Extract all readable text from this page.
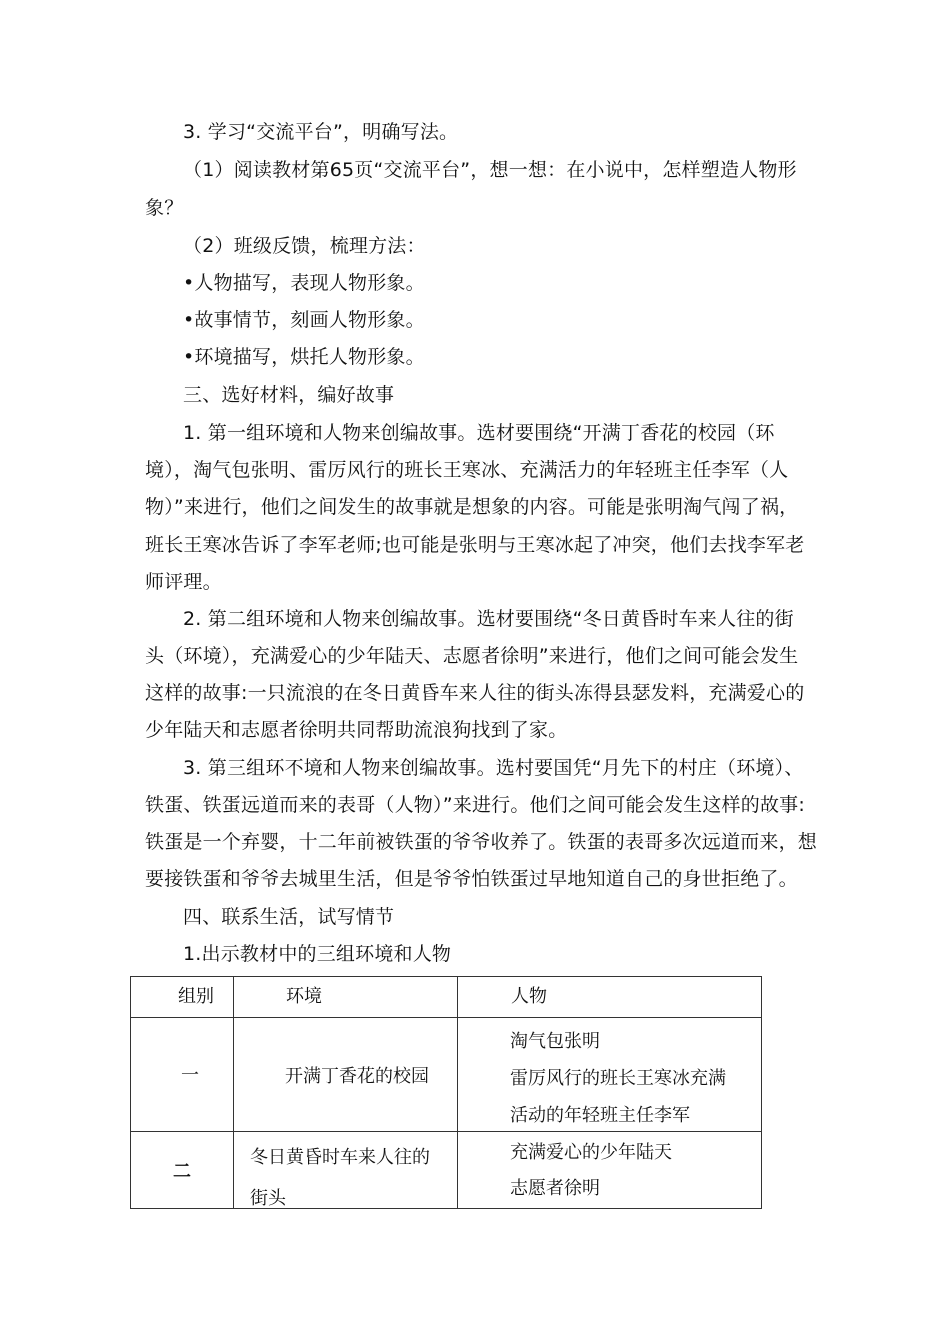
3. 学习“交流平台”，明确写法。
（1）阅读教材第65页“交流平台”，想一想：在小说中，怎样塑造人物形
象？
（2）班级反馈，梳理方法：
•人物描写，表现人物形象。
•故事情节，刻画人物形象。
•环境描写，烘托人物形象。
三、选好材料，编好故事
1. 第一组环境和人物来创编故事。选材要围绕“开满丁香花的校园（环
境），淘气包张明、雷厉风行的班长王寒冰、充满活力的年轻班主任李军（人
物）”来进行，他们之间发生的故事就是想象的内容。可能是张明淘气闯了祸，
班长王寒冰告诉了李军老师;也可能是张明与王寒冰起了冲突，他们去找李军老
师评理。
2. 第二组环境和人物来创编故事。选材要围绕“冬日黄昏时车来人往的街
头（环境），充满爱心的少年陆天、志愿者徐明”来进行，他们之间可能会发生
这样的故事:一只流浪的在冬日黄昏车来人往的街头冻得县瑟发料，充满爱心的
少年陆天和志愿者徐明共同帮助流浪狗找到了家。
3. 第三组环不境和人物来创编故事。选村要国凭“月先下的村庄（环境）、
铁蛋、铁蛋远道而来的表哥（人物）”来进行。他们之间可能会发生这样的故事:
铁蛋是一个弃婴，十二年前被铁蛋的爷爷收养了。铁蛋的表哥多次远道而来，想
要接铁蛋和爷爷去城里生活，但是爷爷怕铁蛋过早地知道自己的身世拒绝了。
四、联系生活，试写情节
1.出示教材中的三组环境和人物
组别	环境	人物

一	开满丁香花的校园	淘气包张明
雷厉风行的班长王寒冰充满
活动的年轻班主任李军

二	冬日黄昏时车来人往的
街头	充满爱心的少年陆天
志愿者徐明
